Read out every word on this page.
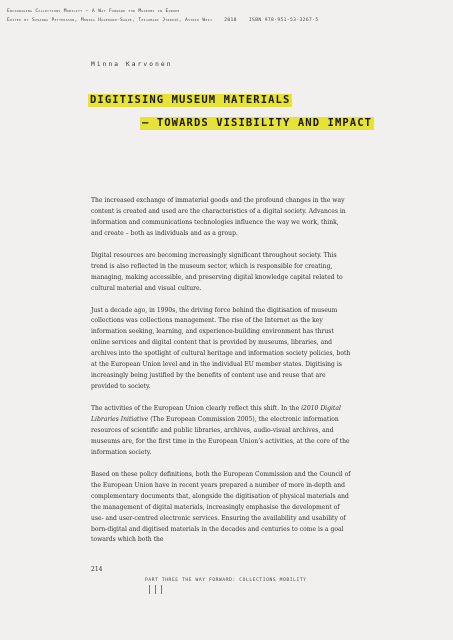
Encouraging Collections Mobility – A Way Forward for Museums in Europe
Edited by Susanna Pettersson, Monika Hagedorn-Saupe, Teijamari Jyrkkiö, Astrid Weij	2010	ISBN 978-951-53-3267-5
Minna Karvonen
DIGITISING MUSEUM MATERIALS
– TOWARDS VISIBILITY AND IMPACT

The increased exchange of immaterial goods and the profound changes in the way content is created and used are the characteristics of a digital society. Advances in information and communications technologies influence the way we work, think, and create – both as individuals and as a group.

Digital resources are becoming increasingly significant throughout society. This trend is also reflected in the museum sector, which is responsible for creating, managing, making accessible, and preserving digital knowledge capital related to cultural material and visual culture.

Just a decade ago, in 1990s, the driving force behind the digitisation of museum collections was collections management. The rise of the Internet as the key information seeking, learning, and experience-building environment has thrust online services and digital content that is provided by museums, libraries, and archives into the spotlight of cultural heritage and information society policies, both at the European Union level and in the individual EU member states. Digitising is increasingly being justified by the benefits of content use and reuse that are provided to society.

The activities of the European Union clearly reflect this shift. In the i2010 Digital Libraries Initiative (The European Commission 2005), the electronic information resources of scientific and public libraries, archives, audio-visual archives, and museums are, for the first time in the European Union’s activities, at the core of the information society.

Based on these policy definitions, both the European Commission and the Council of the European Union have in recent years prepared a number of more in-depth and complementary documents that, alongside the digitisation of physical materials and the management of digital materials, increasingly emphasise the development of use- and user-centred electronic services. Ensuring the availability and usability of born-digital and digitised materials in the decades and centuries to come is a goal towards which both the

214
PART THREE THE WAY FORWARD: COLLECTIONS MOBILITY
